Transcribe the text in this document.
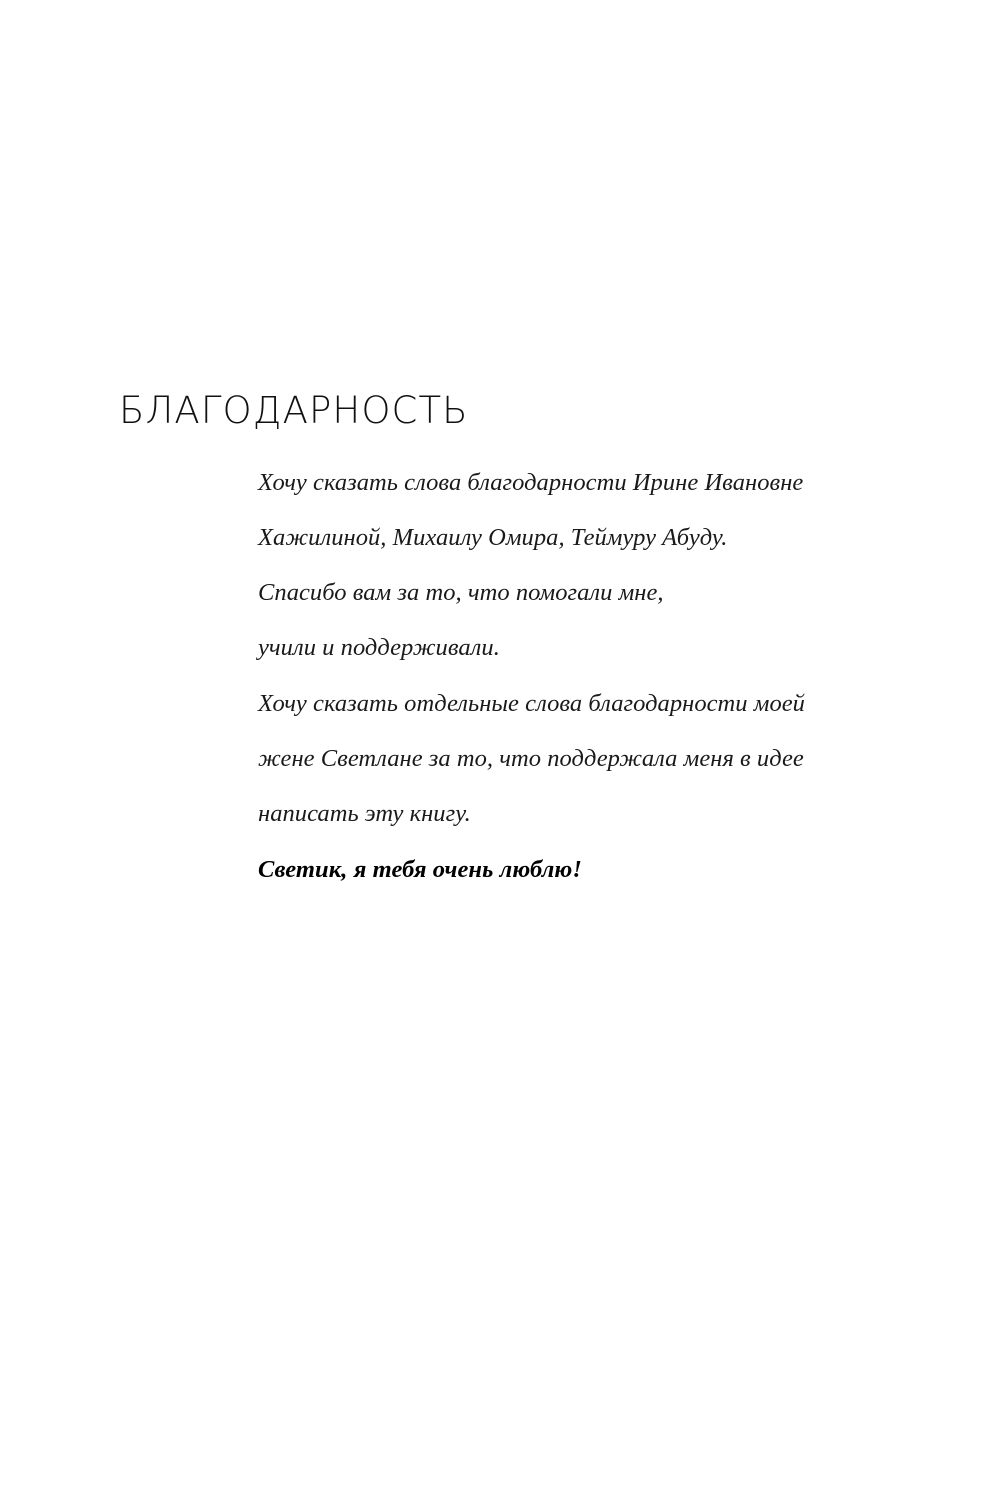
БЛАГОДАРНОСТЬ

Хочу сказать слова благодарности Ирине Ивановне

Хажилиной, Михаилу Омира, Теймуру Абуду.

Спасибо вам за то, что помогали мне,

учили и поддерживали.

Хочу сказать отдельные слова благодарности моей

жене Светлане за то, что поддержала меня в идее

написать эту книгу.

Светик, я тебя очень люблю!
